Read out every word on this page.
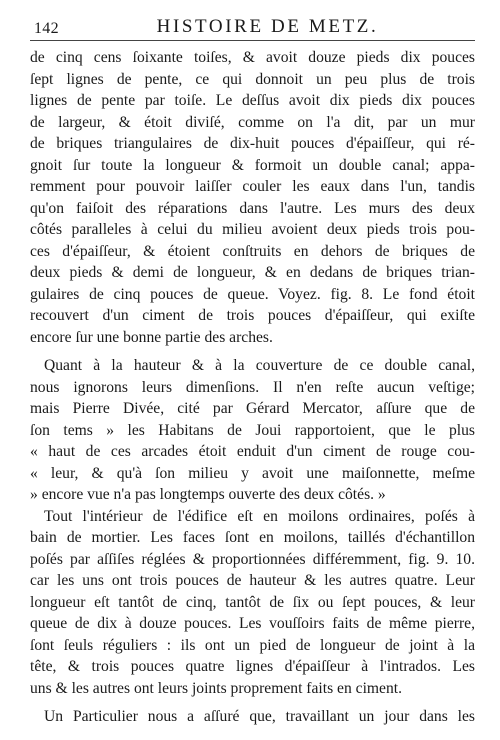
142	HISTOIRE DE METZ.
de cinq cens ſoixante toiſes, & avoit douze pieds dix pouces
ſept lignes de pente, ce qui donnoit un peu plus de trois
lignes de pente par toiſe. Le deſſus avoit dix pieds dix pouces
de largeur, & étoit diviſé, comme on l'a dit, par un mur
de briques triangulaires de dix-huit pouces d'épaiſſeur, qui ré-
gnoit ſur toute la longueur & formoit un double canal; appa-
remment pour pouvoir laiſſer couler les eaux dans l'un, tandis
qu'on faiſoit des réparations dans l'autre. Les murs des deux
côtés paralleles à celui du milieu avoient deux pieds trois pou-
ces d'épaiſſeur, & étoient conſtruits en dehors de briques de
deux pieds & demi de longueur, & en dedans de briques trian-
gulaires de cinq pouces de queue. Voyez. fig. 8. Le fond étoit
recouvert d'un ciment de trois pouces d'épaiſſeur, qui exiſte
encore ſur une bonne partie des arches.
Quant à la hauteur & à la couverture de ce double canal,
nous ignorons leurs dimenſions. Il n'en reſte aucun veſtige;
mais Pierre Divée, cité par Gérard Mercator, aſſure que de
ſon tems » les Habitans de Joui rapportoient, que le plus
« haut de ces arcades étoit enduit d'un ciment de rouge cou-
« leur, & qu'à ſon milieu y avoit une maiſonnette, meſme
» encore vue n'a pas longtemps ouverte des deux côtés. »
Tout l'intérieur de l'édifice eſt en moilons ordinaires, poſés à
bain de mortier. Les faces ſont en moilons, taillés d'échantillon
poſés par aſſiſes réglées & proportionnées différemment, fig. 9. 10.
car les uns ont trois pouces de hauteur & les autres quatre. Leur
longueur eſt tantôt de cinq, tantôt de ſix ou ſept pouces, & leur
queue de dix à douze pouces. Les vouſſoirs faits de même pierre,
ſont ſeuls réguliers : ils ont un pied de longueur de joint à la
tête, & trois pouces quatre lignes d'épaiſſeur à l'intrados. Les
uns & les autres ont leurs joints proprement faits en ciment.
Un Particulier nous a aſſuré que, travaillant un jour dans les
